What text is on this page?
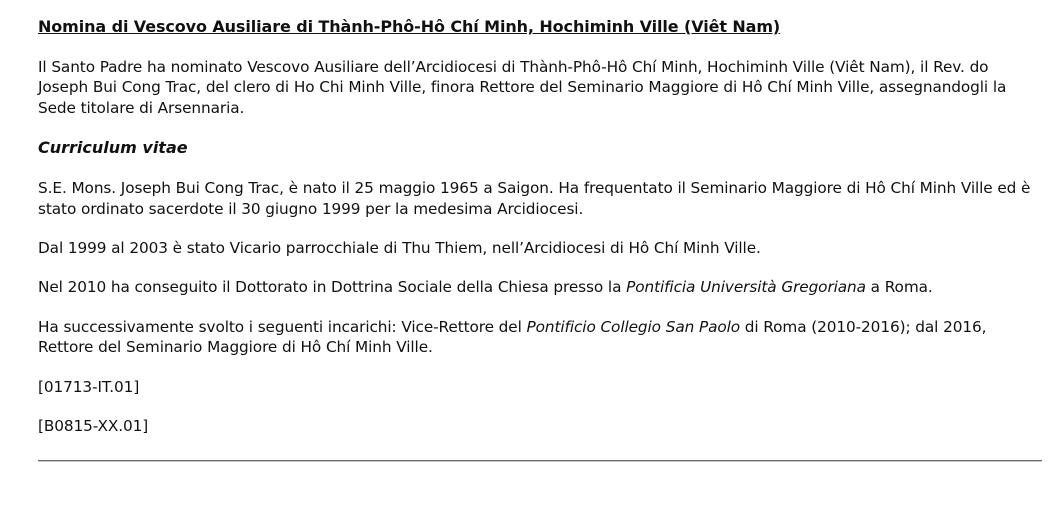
Nomina di Vescovo Ausiliare di Thành-Phô-Hô Chí Minh, Hochiminh Ville (Viêt Nam)

Il Santo Padre ha nominato Vescovo Ausiliare dell’Arcidiocesi di Thành-Phô-Hô Chí Minh, Hochiminh Ville (Viêt Nam), il Rev. do Joseph Bui Cong Trac, del clero di Ho Chi Minh Ville, finora Rettore del Seminario Maggiore di Hô Chí Minh Ville, assegnandogli la Sede titolare di Arsennaria.

Curriculum vitae

S.E. Mons. Joseph Bui Cong Trac, è nato il 25 maggio 1965 a Saigon. Ha frequentato il Seminario Maggiore di Hô Chí Minh Ville ed è stato ordinato sacerdote il 30 giugno 1999 per la medesima Arcidiocesi.

Dal 1999 al 2003 è stato Vicario parrocchiale di Thu Thiem, nell’Arcidiocesi di Hô Chí Minh Ville.

Nel 2010 ha conseguito il Dottorato in Dottrina Sociale della Chiesa presso la Pontificia Università Gregoriana a Roma.

Ha successivamente svolto i seguenti incarichi: Vice-Rettore del Pontificio Collegio San Paolo di Roma (2010-2016); dal 2016, Rettore del Seminario Maggiore di Hô Chí Minh Ville.

[01713-IT.01]

[B0815-XX.01]
